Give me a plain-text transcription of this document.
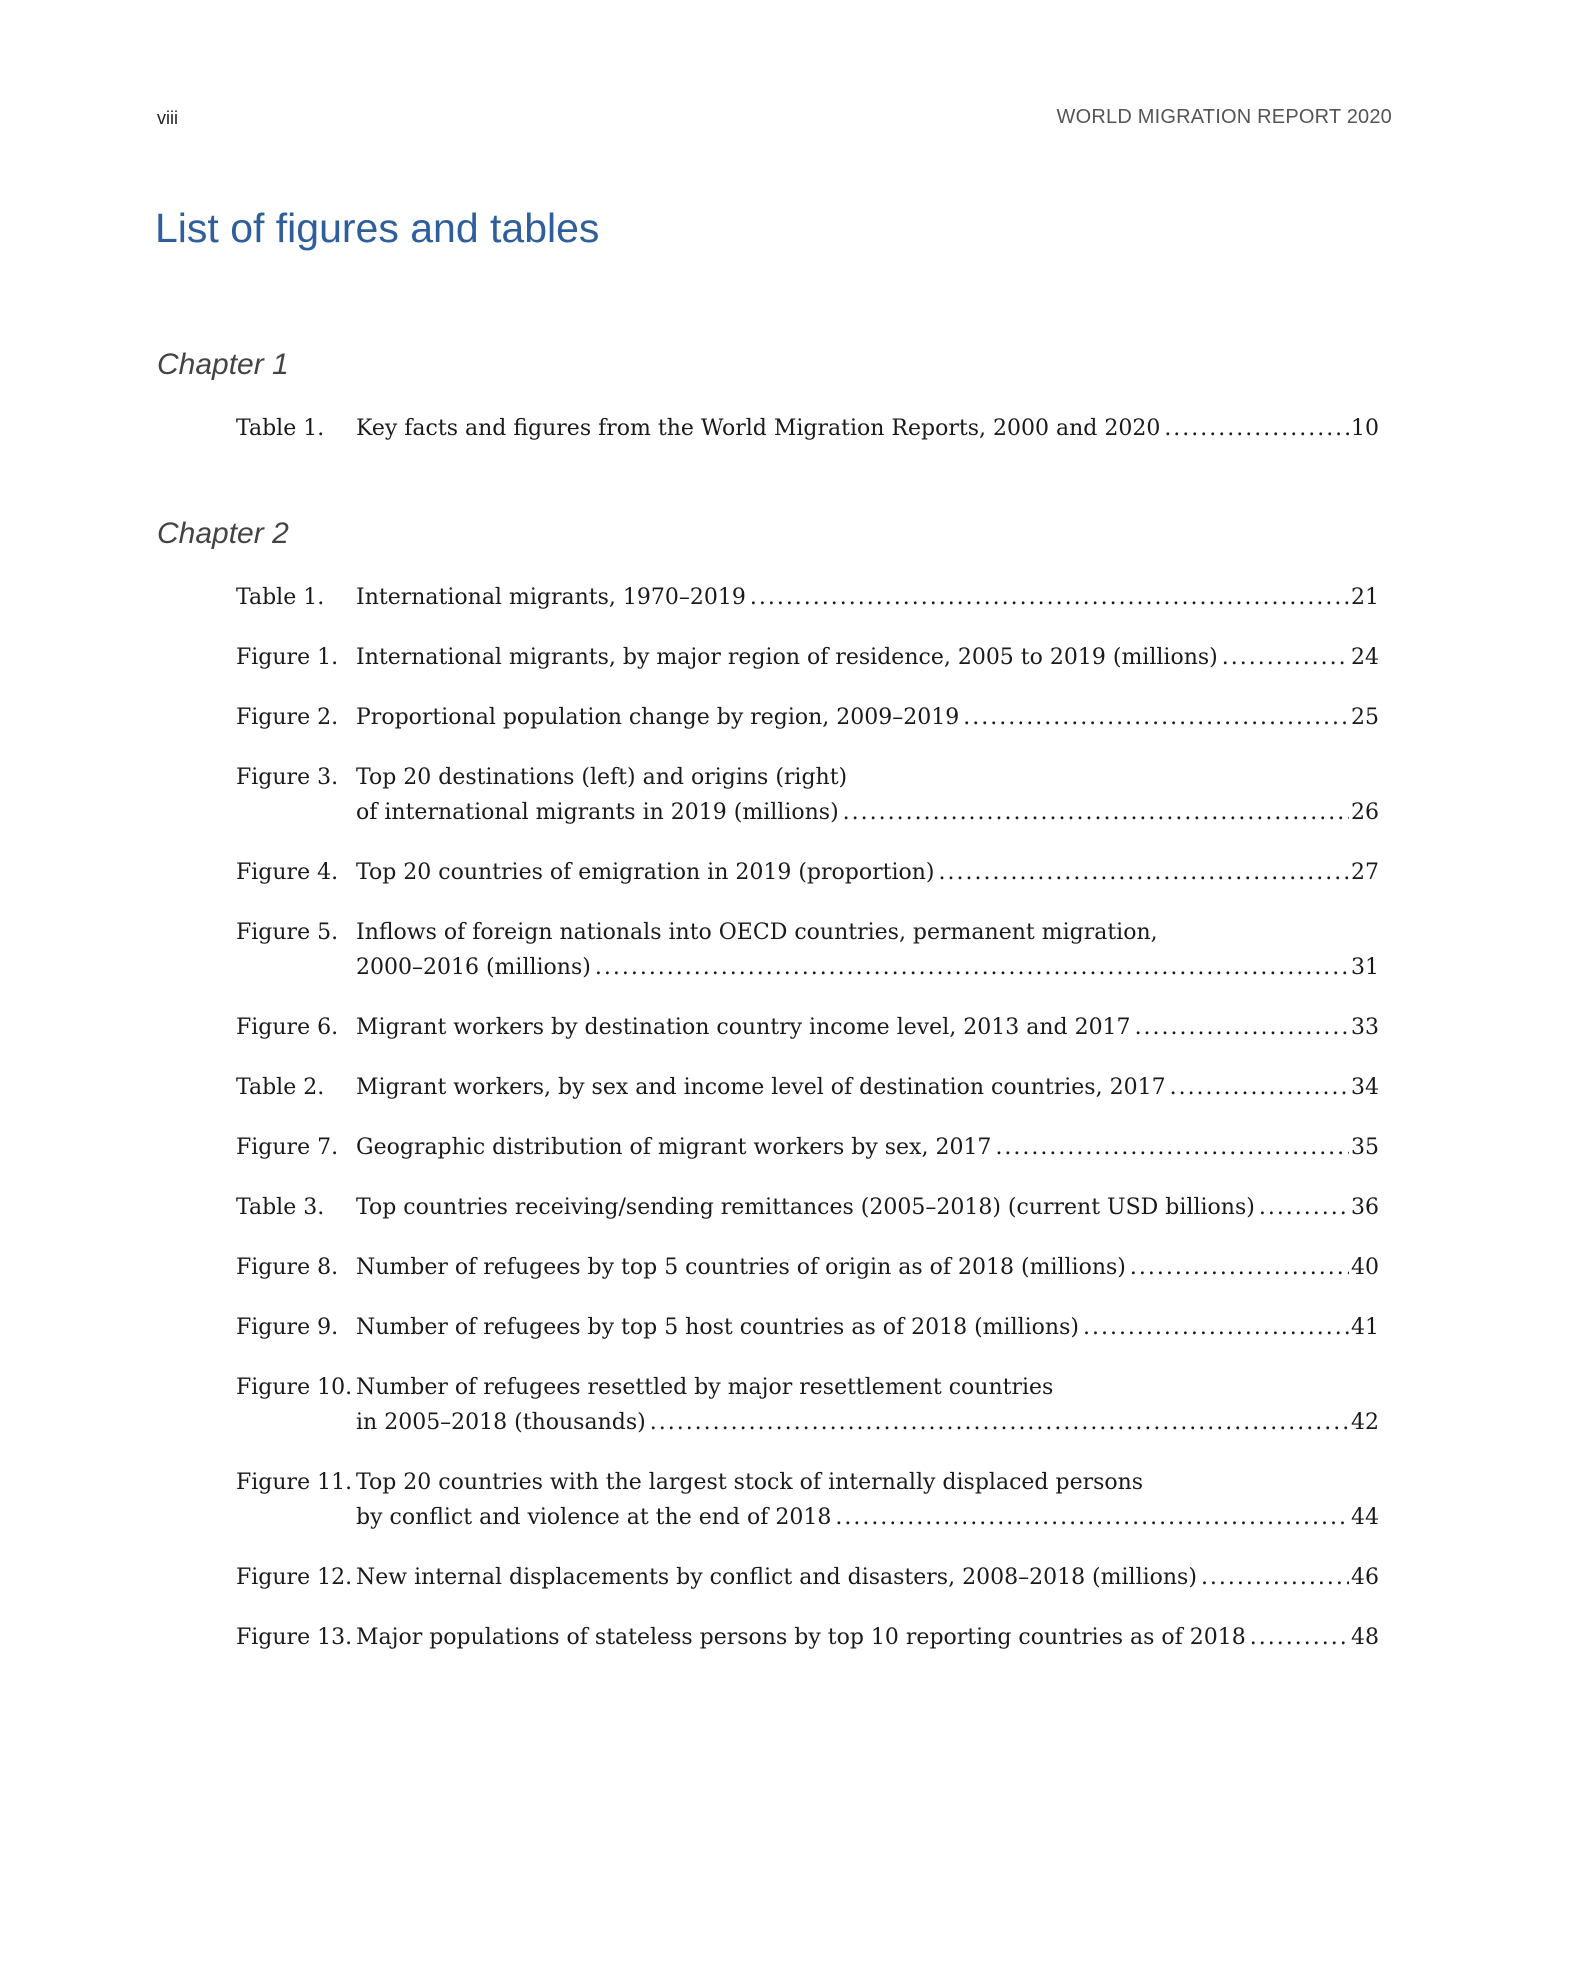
viii	WORLD MIGRATION REPORT 2020
List of figures and tables
Chapter 1
Table 1.	Key facts and figures from the World Migration Reports, 2000 and 2020 .....	10
Chapter 2
Table 1.	International migrants, 1970–2019 .....	21
Figure 1. International migrants, by major region of residence, 2005 to 2019 (millions) .....	24
Figure 2. Proportional population change by region, 2009–2019 .....	25
Figure 3. Top 20 destinations (left) and origins (right)
of international migrants in 2019 (millions) .....	26
Figure 4. Top 20 countries of emigration in 2019 (proportion) .....	27
Figure 5. Inflows of foreign nationals into OECD countries, permanent migration,
2000–2016 (millions) .....	31
Figure 6. Migrant workers by destination country income level, 2013 and 2017 .....	33
Table 2.	Migrant workers, by sex and income level of destination countries, 2017 .....	34
Figure 7. Geographic distribution of migrant workers by sex, 2017 .....	35
Table 3.	Top countries receiving/sending remittances (2005–2018) (current USD billions) .....	36
Figure 8. Number of refugees by top 5 countries of origin as of 2018 (millions) .....	40
Figure 9. Number of refugees by top 5 host countries as of 2018 (millions) .....	41
Figure 10. Number of refugees resettled by major resettlement countries
in 2005–2018 (thousands) .....	42
Figure 11. Top 20 countries with the largest stock of internally displaced persons
by conflict and violence at the end of 2018 .....	44
Figure 12. New internal displacements by conflict and disasters, 2008–2018 (millions) .....	46
Figure 13. Major populations of stateless persons by top 10 reporting countries as of 2018 .....	48
